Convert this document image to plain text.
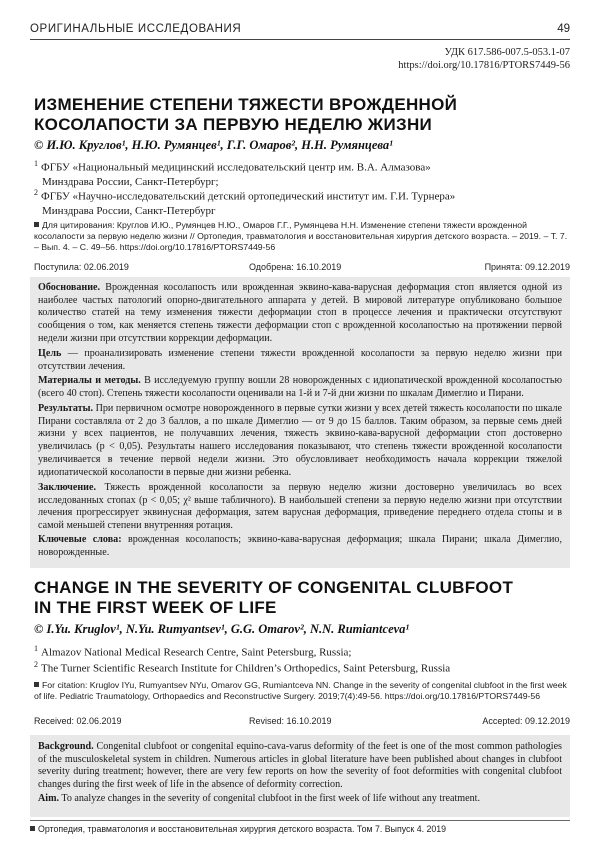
ОРИГИНАЛЬНЫЕ ИССЛЕДОВАНИЯ	49
УДК 617.586-007.5-053.1-07
https://doi.org/10.17816/PTORS7449-56
ИЗМЕНЕНИЕ СТЕПЕНИ ТЯЖЕСТИ ВРОЖДЕННОЙ
КОСОЛАПОСТИ ЗА ПЕРВУЮ НЕДЕЛЮ ЖИЗНИ
© И.Ю. Круглов¹, Н.Ю. Румянцев¹, Г.Г. Омаров², Н.Н. Румянцева¹
$^1$ ФГБУ «Национальный медицинский исследовательский центр им. В.А. Алмазова»
Минздрава России, Санкт-Петербург;
$^2$ ФГБУ «Научно-исследовательский детский ортопедический институт им. Г.И. Турнера»
Минздрава России, Санкт-Петербург
Для цитирования: Круглов И.Ю., Румянцев Н.Ю., Омаров Г.Г., Румянцева Н.Н. Изменение степени тяжести врожденной косолапости за первую неделю жизни // Ортопедия, травматология и восстановительная хирургия детского возраста. – 2019. – Т. 7. – Вып. 4. – С. 49–56. https://doi.org/10.17816/PTORS7449-56
Поступила: 02.06.2019	Одобрена: 16.10.2019	Принята: 09.12.2019
Обоснование. Врожденная косолапость или врожденная эквино-кава-варусная деформация стоп является одной из наиболее частых патологий опорно-двигательного аппарата у детей. В мировой литературе опубликовано большое количество статей на тему изменения тяжести деформации стоп в процессе лечения и практически отсутствуют сообщения о том, как меняется степень тяжести деформации стоп с врожденной косолапостью на протяжении первой недели жизни при отсутствии коррекции деформации.
Цель — проанализировать изменение степени тяжести врожденной косолапости за первую неделю жизни при отсутствии лечения.
Материалы и методы. В исследуемую группу вошли 28 новорожденных с идиопатической врожденной косолапостью (всего 40 стоп). Степень тяжести косолапости оценивали на 1-й и 7-й дни жизни по шкалам Димеглио и Пирани.
Результаты. При первичном осмотре новорожденного в первые сутки жизни у всех детей тяжесть косолапости по шкале Пирани составляла от 2 до 3 баллов, а по шкале Димеглио — от 9 до 15 баллов. Таким образом, за первые семь дней жизни у всех пациентов, не получавших лечения, тяжесть эквино-кава-варусной деформации стоп достоверно увеличилась (p < 0,05). Результаты нашего исследования показывают, что степень тяжести врожденной косолапости увеличивается в течение первой недели жизни. Это обусловливает необходимость начала коррекции тяжелой идиопатической косолапости в первые дни жизни ребенка.
Заключение. Тяжесть врожденной косолапости за первую неделю жизни достоверно увеличилась во всех исследованных стопах (p < 0,05; χ² выше табличного). В наибольшей степени за первую неделю жизни при отсутствии лечения прогрессирует эквинусная деформация, затем варусная деформация, приведение переднего отдела стопы и в самой меньшей степени внутренняя ротация.
Ключевые слова: врожденная косолапость; эквино-кава-варусная деформация; шкала Пирани; шкала Димеглио, новорожденные.
CHANGE IN THE SEVERITY OF CONGENITAL CLUBFOOT
IN THE FIRST WEEK OF LIFE
© I.Yu. Kruglov¹, N.Yu. Rumyantsev¹, G.G. Omarov², N.N. Rumiantceva¹
$^1$ Almazov National Medical Research Centre, Saint Petersburg, Russia;
$^2$ The Turner Scientific Research Institute for Children’s Orthopedics, Saint Petersburg, Russia
For citation: Kruglov IYu, Rumyantsev NYu, Omarov GG, Rumiantceva NN. Change in the severity of congenital clubfoot in the first week of life. Pediatric Traumatology, Orthopaedics and Reconstructive Surgery. 2019;7(4):49-56. https://doi.org/10.17816/PTORS7449-56
Received: 02.06.2019	Revised: 16.10.2019	Accepted: 09.12.2019
Background. Congenital clubfoot or congenital equino-cava-varus deformity of the feet is one of the most common pathologies of the musculoskeletal system in children. Numerous articles in global literature have been published about changes in clubfoot severity during treatment; however, there are very few reports on how the severity of foot deformities with congenital clubfoot changes during the first week of life in the absence of deformity correction.
Aim. To analyze changes in the severity of congenital clubfoot in the first week of life without any treatment.
Ортопедия, травматология и восстановительная хирургия детского возраста. Том 7. Выпуск 4. 2019
